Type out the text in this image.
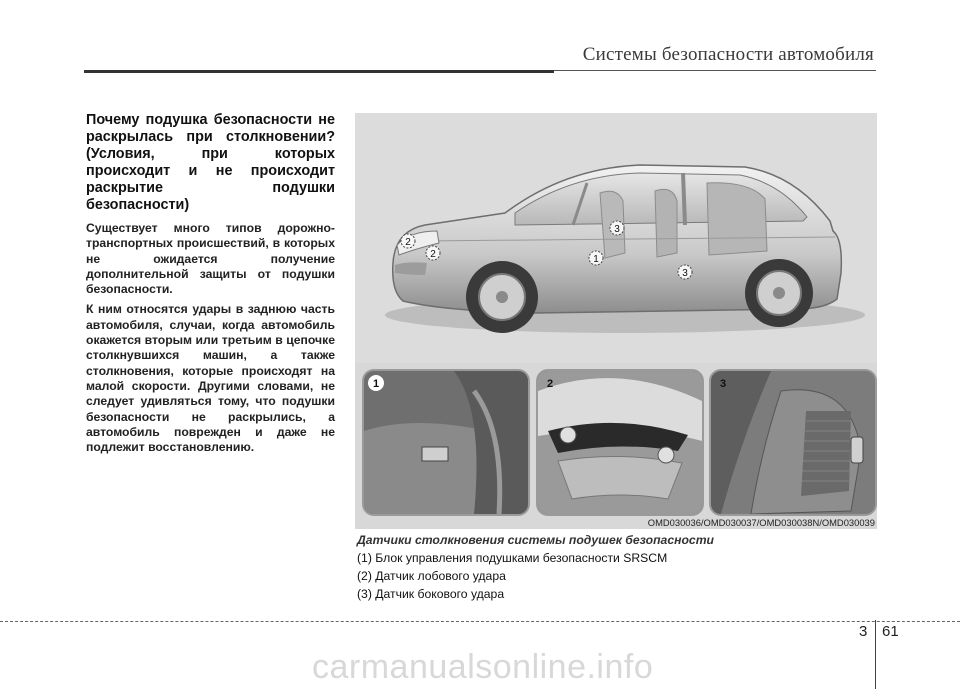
Системы безопасности автомобиля

Почему подушка безопасности не раскрылась при столкновении? (Условия, при которых происходит и не происходит раскрытие подушки безопасности)

Существует много типов дорожно-транспортных происшествий, в которых не ожидается получение дополнительной защиты от подушки безопасности.

К ним относятся удары в заднюю часть автомобиля, случаи, когда автомобиль окажется вторым или третьим в цепочке столкнувшихся машин, а также столкновения, которые происходят на малой скорости. Другими словами, не следует удивляться тому, что подушки безопасности не раскрылись, а автомобиль поврежден и даже не подлежит восстановлению.

2
2
3
1
3
1	2	3
OMD030036/OMD030037/OMD030038N/OMD030039
Датчики столкновения системы подушек безопасности
(1) Блок управления подушками безопасности SRSCM
(2) Датчик лобового удара
(3) Датчик бокового удара
3 61
carmanualsonline.info
